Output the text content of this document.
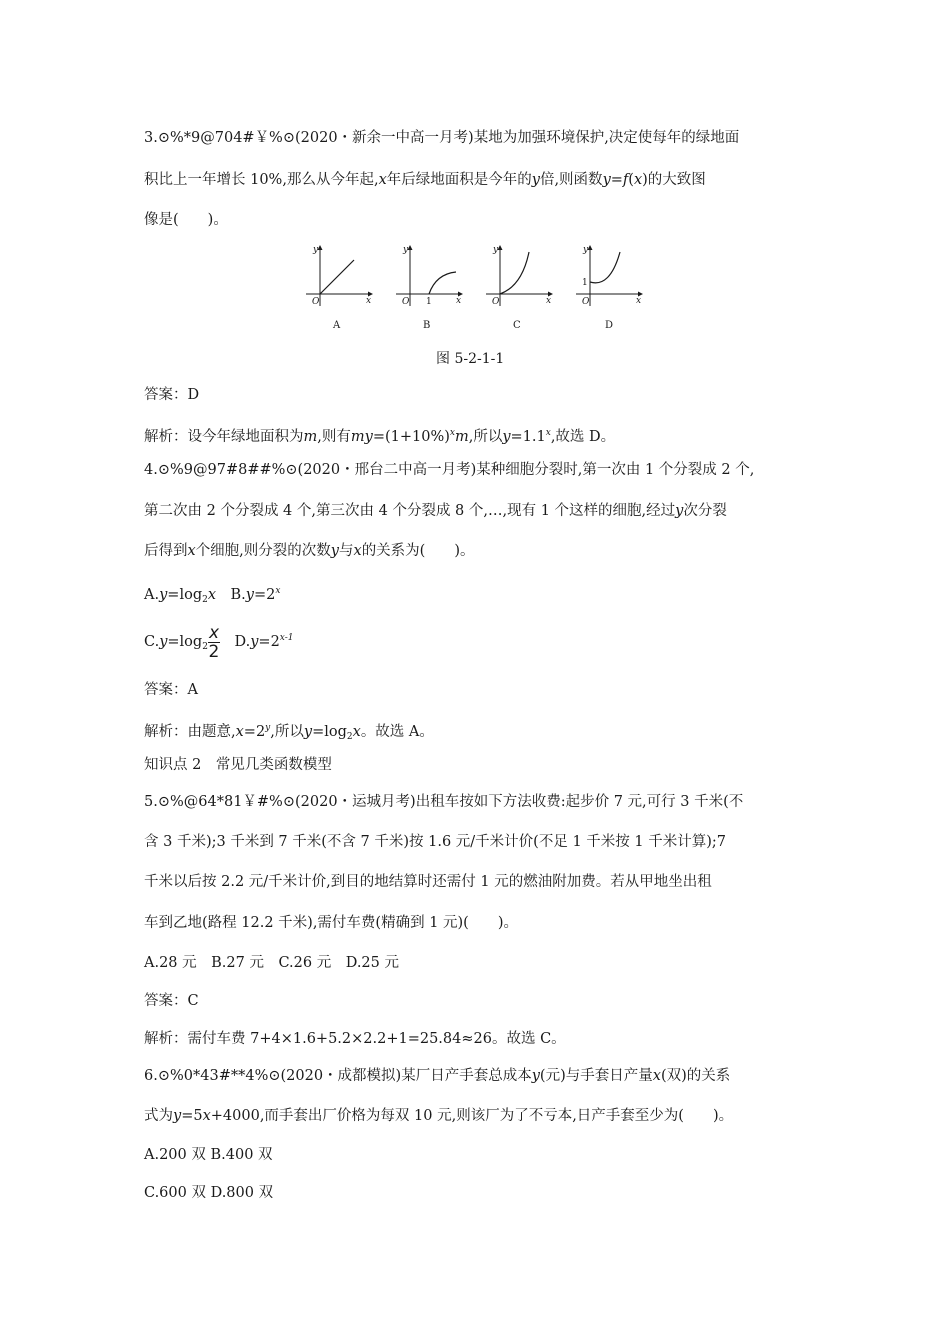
3.⊙%*9@704#￥%⊙(2020・新余一中高一月考)某地为加强环境保护,决定使每年的绿地面
积比上一年增长 10%,那么从今年起,x年后绿地面积是今年的y倍,则函数y=f(x)的大致图
像是(　　)。
y
x
O
A
y
x
O 1
B
y
x
O
C
y
x
O
1
D
图 5-2-1-1
答案：D
解析：设今年绿地面积为m,则有$my=(1+10\%)^xm$,所以$y=1.1^x$,故选 D。
4.⊙%9@97#8##%⊙(2020・邢台二中高一月考)某种细胞分裂时,第一次由 1 个分裂成 2 个,
第二次由 2 个分裂成 4 个,第三次由 4 个分裂成 8 个,…,现有 1 个这样的细胞,经过y次分裂
后得到x个细胞,则分裂的次数y与x的关系为(　　)。
$A.y=\log_2x$　$B.y=2^x$
$C.y=\log_2 \frac{x}{2}$ 　$D.y=2^{x-1}$
答案：A
解析：由题意$,x=2^y$,所以$y=\log_2x$。故选 A。
知识点 2　常见几类函数模型
5.⊙%@64*81￥#%⊙(2020・运城月考)出租车按如下方法收费:起步价 7 元,可行 3 千米(不
含 3 千米);3 千米到 7 千米(不含 7 千米)按 1.6 元/千米计价(不足 1 千米按 1 千米计算);7
千米以后按 2.2 元/千米计价,到目的地结算时还需付 1 元的燃油附加费。若从甲地坐出租
车到乙地(路程 12.2 千米),需付车费(精确到 1 元)(　　)。
A.28 元　B.27 元　C.26 元　D.25 元
答案：C
解析：需付车费 7+4×1.6+5.2×2.2+1=25.84≈26。故选 C。
6.⊙%0*43#**4%⊙(2020・成都模拟)某厂日产手套总成本y(元)与手套日产量x(双)的关系
式为y=5x+4000,而手套出厂价格为每双 10 元,则该厂为了不亏本,日产手套至少为(　　)。
A.200 双 B.400 双
C.600 双 D.800 双
